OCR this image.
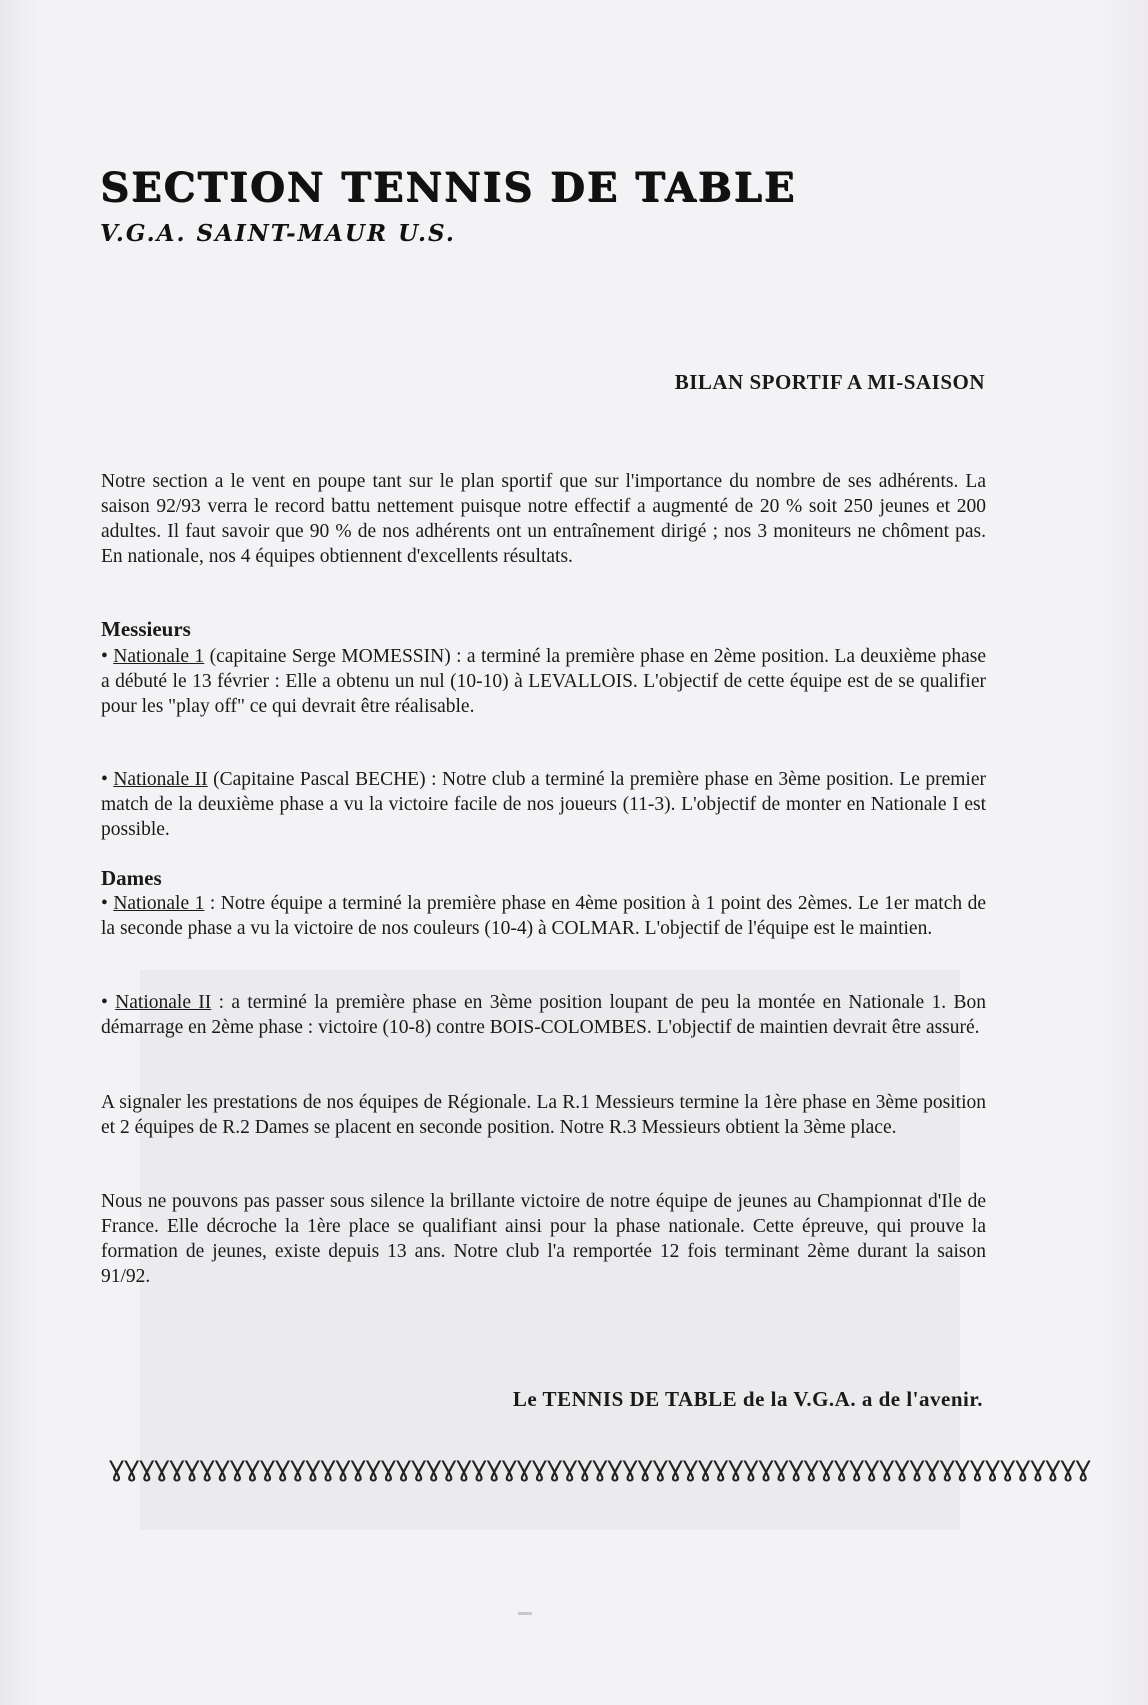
SECTION TENNIS DE TABLE
V.G.A. SAINT-MAUR U.S.
BILAN SPORTIF A MI-SAISON

Notre section a le vent en poupe tant sur le plan sportif que sur l'importance du nombre de ses adhérents. La saison 92/93 verra le record battu nettement puisque notre effectif a augmenté de 20 % soit 250 jeunes et 200 adultes. Il faut savoir que 90 % de nos adhérents ont un entraînement dirigé ; nos 3 moniteurs ne chôment pas. En nationale, nos 4 équipes obtiennent d'excellents résultats.

Messieurs

• Nationale 1 (capitaine Serge MOMESSIN) : a terminé la première phase en 2ème position. La deuxième phase a débuté le 13 février : Elle a obtenu un nul (10-10) à LEVALLOIS. L'objectif de cette équipe est de se qualifier pour les "play off" ce qui devrait être réalisable.

• Nationale II (Capitaine Pascal BECHE) : Notre club a terminé la première phase en 3ème position. Le premier match de la deuxième phase a vu la victoire facile de nos joueurs (11-3). L'objectif de monter en Nationale I est possible.

Dames

• Nationale 1 : Notre équipe a terminé la première phase en 4ème position à 1 point des 2èmes. Le 1er match de la seconde phase a vu la victoire de nos couleurs (10-4) à COLMAR. L'objectif de l'équipe est le maintien.

• Nationale II : a terminé la première phase en 3ème position loupant de peu la montée en Nationale 1. Bon démarrage en 2ème phase : victoire (10-8) contre BOIS-COLOMBES. L'objectif de maintien devrait être assuré.

A signaler les prestations de nos équipes de Régionale. La R.1 Messieurs termine la 1ère phase en 3ème position et 2 équipes de R.2 Dames se placent en seconde position. Notre R.3 Messieurs obtient la 3ème place.

Nous ne pouvons pas passer sous silence la brillante victoire de notre équipe de jeunes au Championnat d'Ile de France. Elle décroche la 1ère place se qualifiant ainsi pour la phase nationale. Cette épreuve, qui prouve la formation de jeunes, existe depuis 13 ans. Notre club l'a remportée 12 fois terminant 2ème durant la saison 91/92.

Le TENNIS DE TABLE de la V.G.A. a de l'avenir.
ƔƔƔƔƔƔƔƔƔƔƔƔƔƔƔƔƔƔƔƔƔƔƔƔƔƔƔƔƔƔƔƔƔƔƔƔƔƔƔƔƔƔƔƔƔƔƔƔƔƔƔƔƔƔƔƔƔƔƔƔƔƔƔƔƔ
